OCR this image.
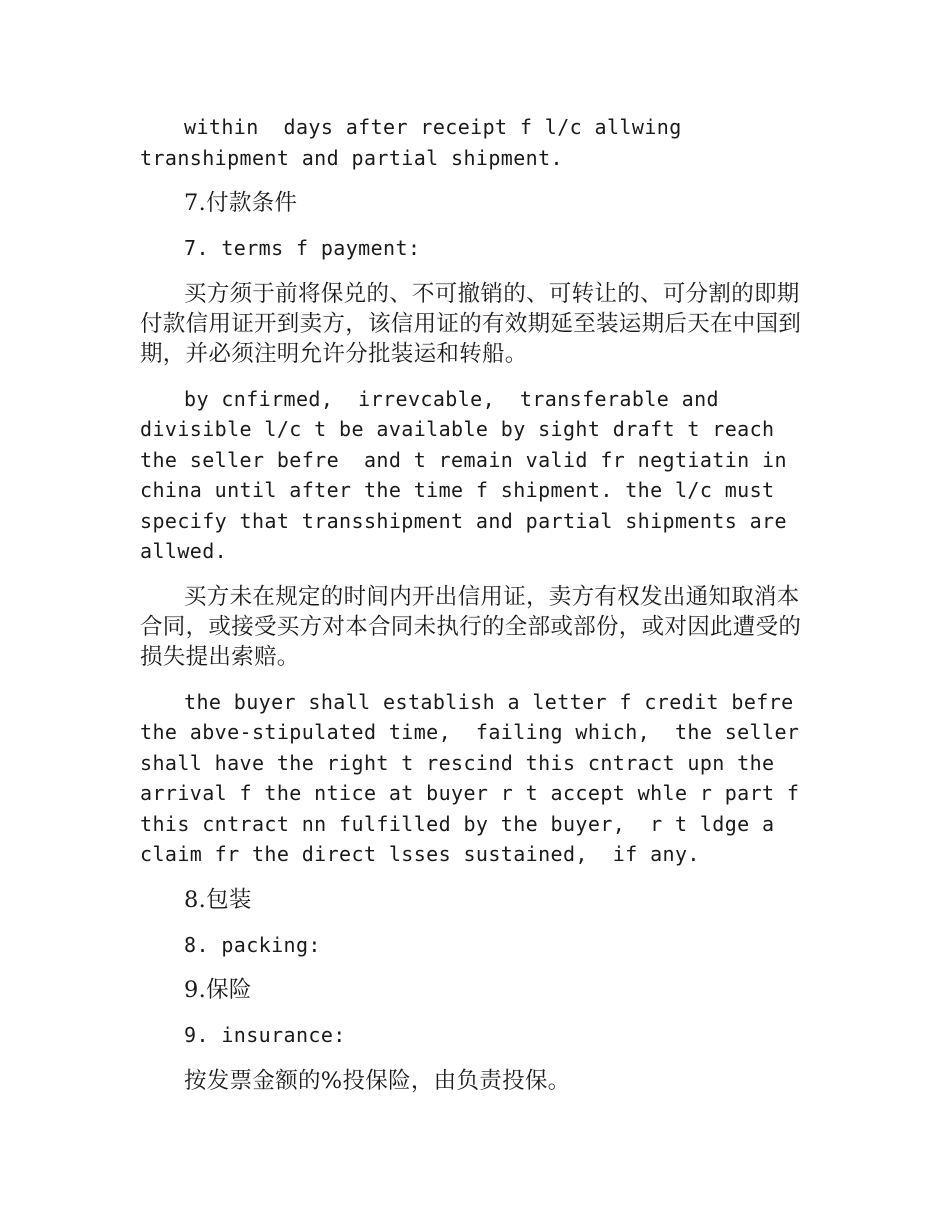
within  days after receipt f l/c allwing transhipment and partial shipment.

7.付款条件

7. terms f payment:

买方须于前将保兑的、不可撤销的、可转让的、可分割的即期付款信用证开到卖方，该信用证的有效期延至装运期后天在中国到期，并必须注明允许分批装运和转船。

by cnfirmed,  irrevcable,  transferable and divisible l/c t be available by sight draft t reach the seller befre  and t remain valid fr negtiatin in china until after the time f shipment. the l/c must specify that transshipment and partial shipments are allwed.

买方未在规定的时间内开出信用证，卖方有权发出通知取消本合同，或接受买方对本合同未执行的全部或部份，或对因此遭受的损失提出索赔。

the buyer shall establish a letter f credit befre the abve-stipulated time,  failing which,  the seller shall have the right t rescind this cntract upn the arrival f the ntice at buyer r t accept whle r part f this cntract nn fulfilled by the buyer,  r t ldge a claim fr the direct lsses sustained,  if any.

8.包装

8. packing:

9.保险

9. insurance:

按发票金额的%投保险，由负责投保。
